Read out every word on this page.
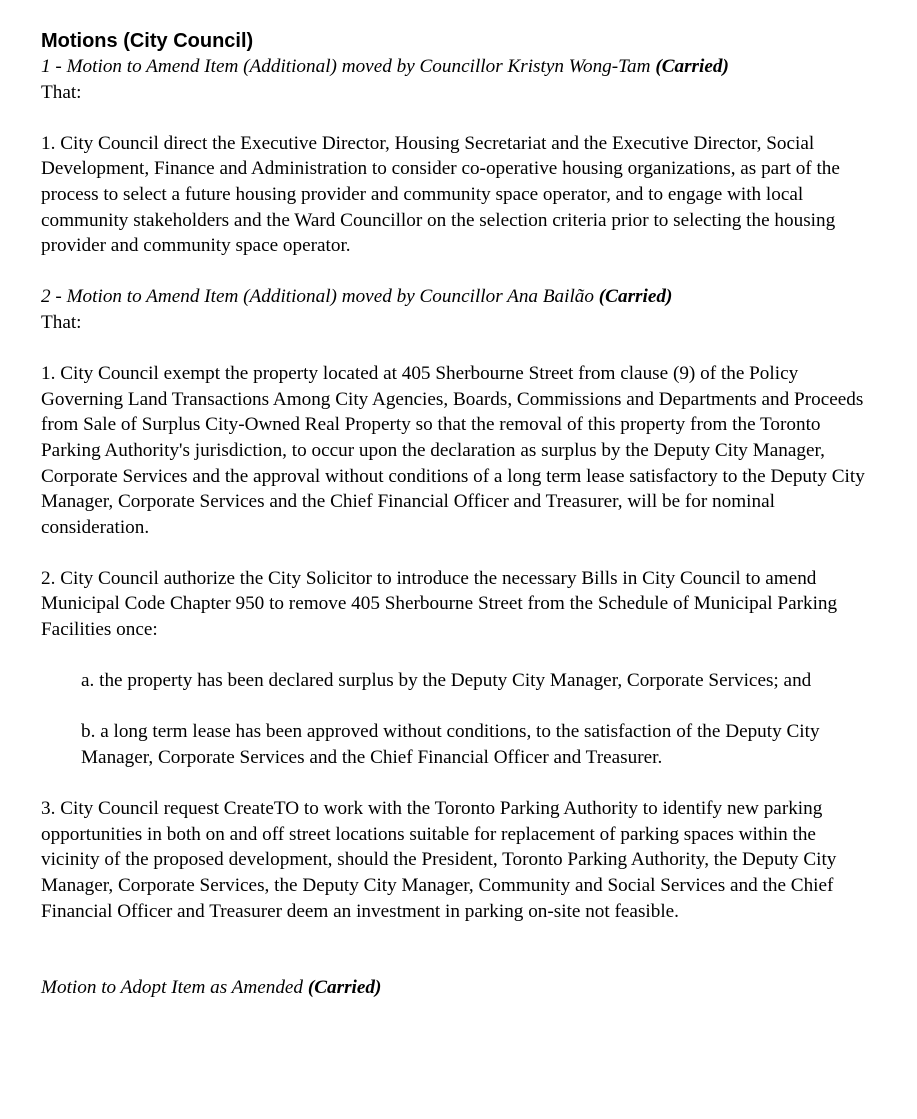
Motions (City Council)

1 - Motion to Amend Item (Additional) moved by Councillor Kristyn Wong-Tam (Carried)

That:

1. City Council direct the Executive Director, Housing Secretariat and the Executive Director, Social Development, Finance and Administration to consider co-operative housing organizations, as part of the process to select a future housing provider and community space operator, and to engage with local community stakeholders and the Ward Councillor on the selection criteria prior to selecting the housing provider and community space operator.

2 - Motion to Amend Item (Additional) moved by Councillor Ana Bailão (Carried)

That:

1. City Council exempt the property located at 405 Sherbourne Street from clause (9) of the Policy Governing Land Transactions Among City Agencies, Boards, Commissions and Departments and Proceeds from Sale of Surplus City-Owned Real Property so that the removal of this property from the Toronto Parking Authority's jurisdiction, to occur upon the declaration as surplus by the Deputy City Manager, Corporate Services and the approval without conditions of a long term lease satisfactory to the Deputy City Manager, Corporate Services and the Chief Financial Officer and Treasurer, will be for nominal consideration.

2. City Council authorize the City Solicitor to introduce the necessary Bills in City Council to amend Municipal Code Chapter 950 to remove 405 Sherbourne Street from the Schedule of Municipal Parking Facilities once:

a. the property has been declared surplus by the Deputy City Manager, Corporate Services; and

b. a long term lease has been approved without conditions, to the satisfaction of the Deputy City
Manager, Corporate Services and the Chief Financial Officer and Treasurer.

3. City Council request CreateTO to work with the Toronto Parking Authority to identify new parking opportunities in both on and off street locations suitable for replacement of parking spaces within the vicinity of the proposed development, should the President, Toronto Parking Authority, the Deputy City Manager, Corporate Services, the Deputy City Manager, Community and Social Services and the Chief Financial Officer and Treasurer deem an investment in parking on-site not feasible.

Motion to Adopt Item as Amended (Carried)
